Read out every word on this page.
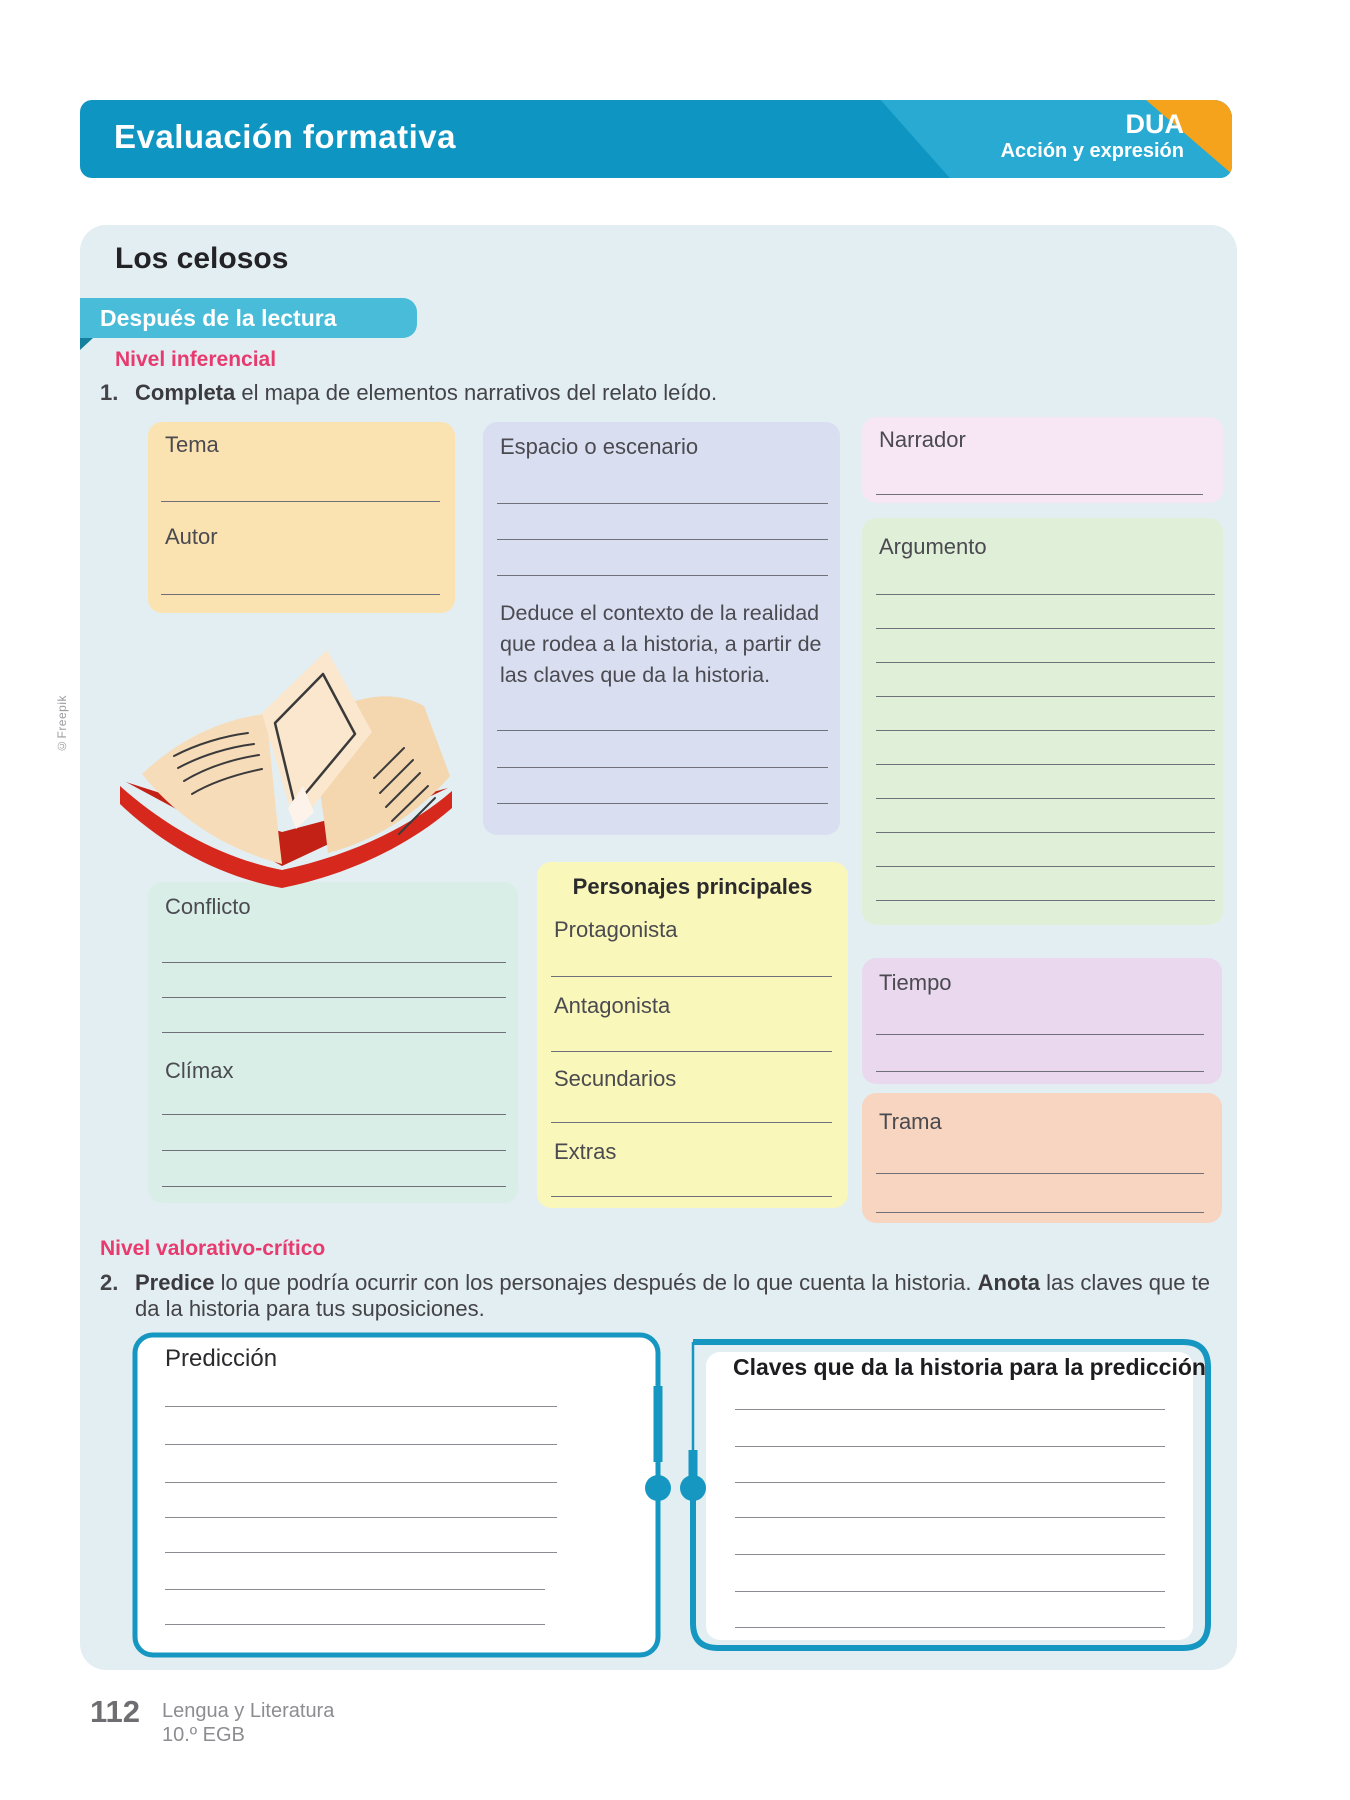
Evaluación formativa	DUA
Acción y expresión
Los celosos
Después de la lectura
Nivel inferencial
1. Completa el mapa de elementos narrativos del relato leído.
Tema
Autor
Espacio o escenario
Deduce el contexto de la realidad que rodea a la historia, a partir de las claves que da la historia.
Narrador
Argumento
Conflicto
Clímax
Personajes principales
Protagonista
Antagonista
Secundarios
Extras
Tiempo
Trama
©Freepik
Nivel valorativo-crítico
2. Predice lo que podría ocurrir con los personajes después de lo que cuenta la historia. Anota las claves que te da la historia para tus suposiciones.
Predicción	Claves que da la historia para la predicción
112 Lengua y Literatura
10.º EGB
